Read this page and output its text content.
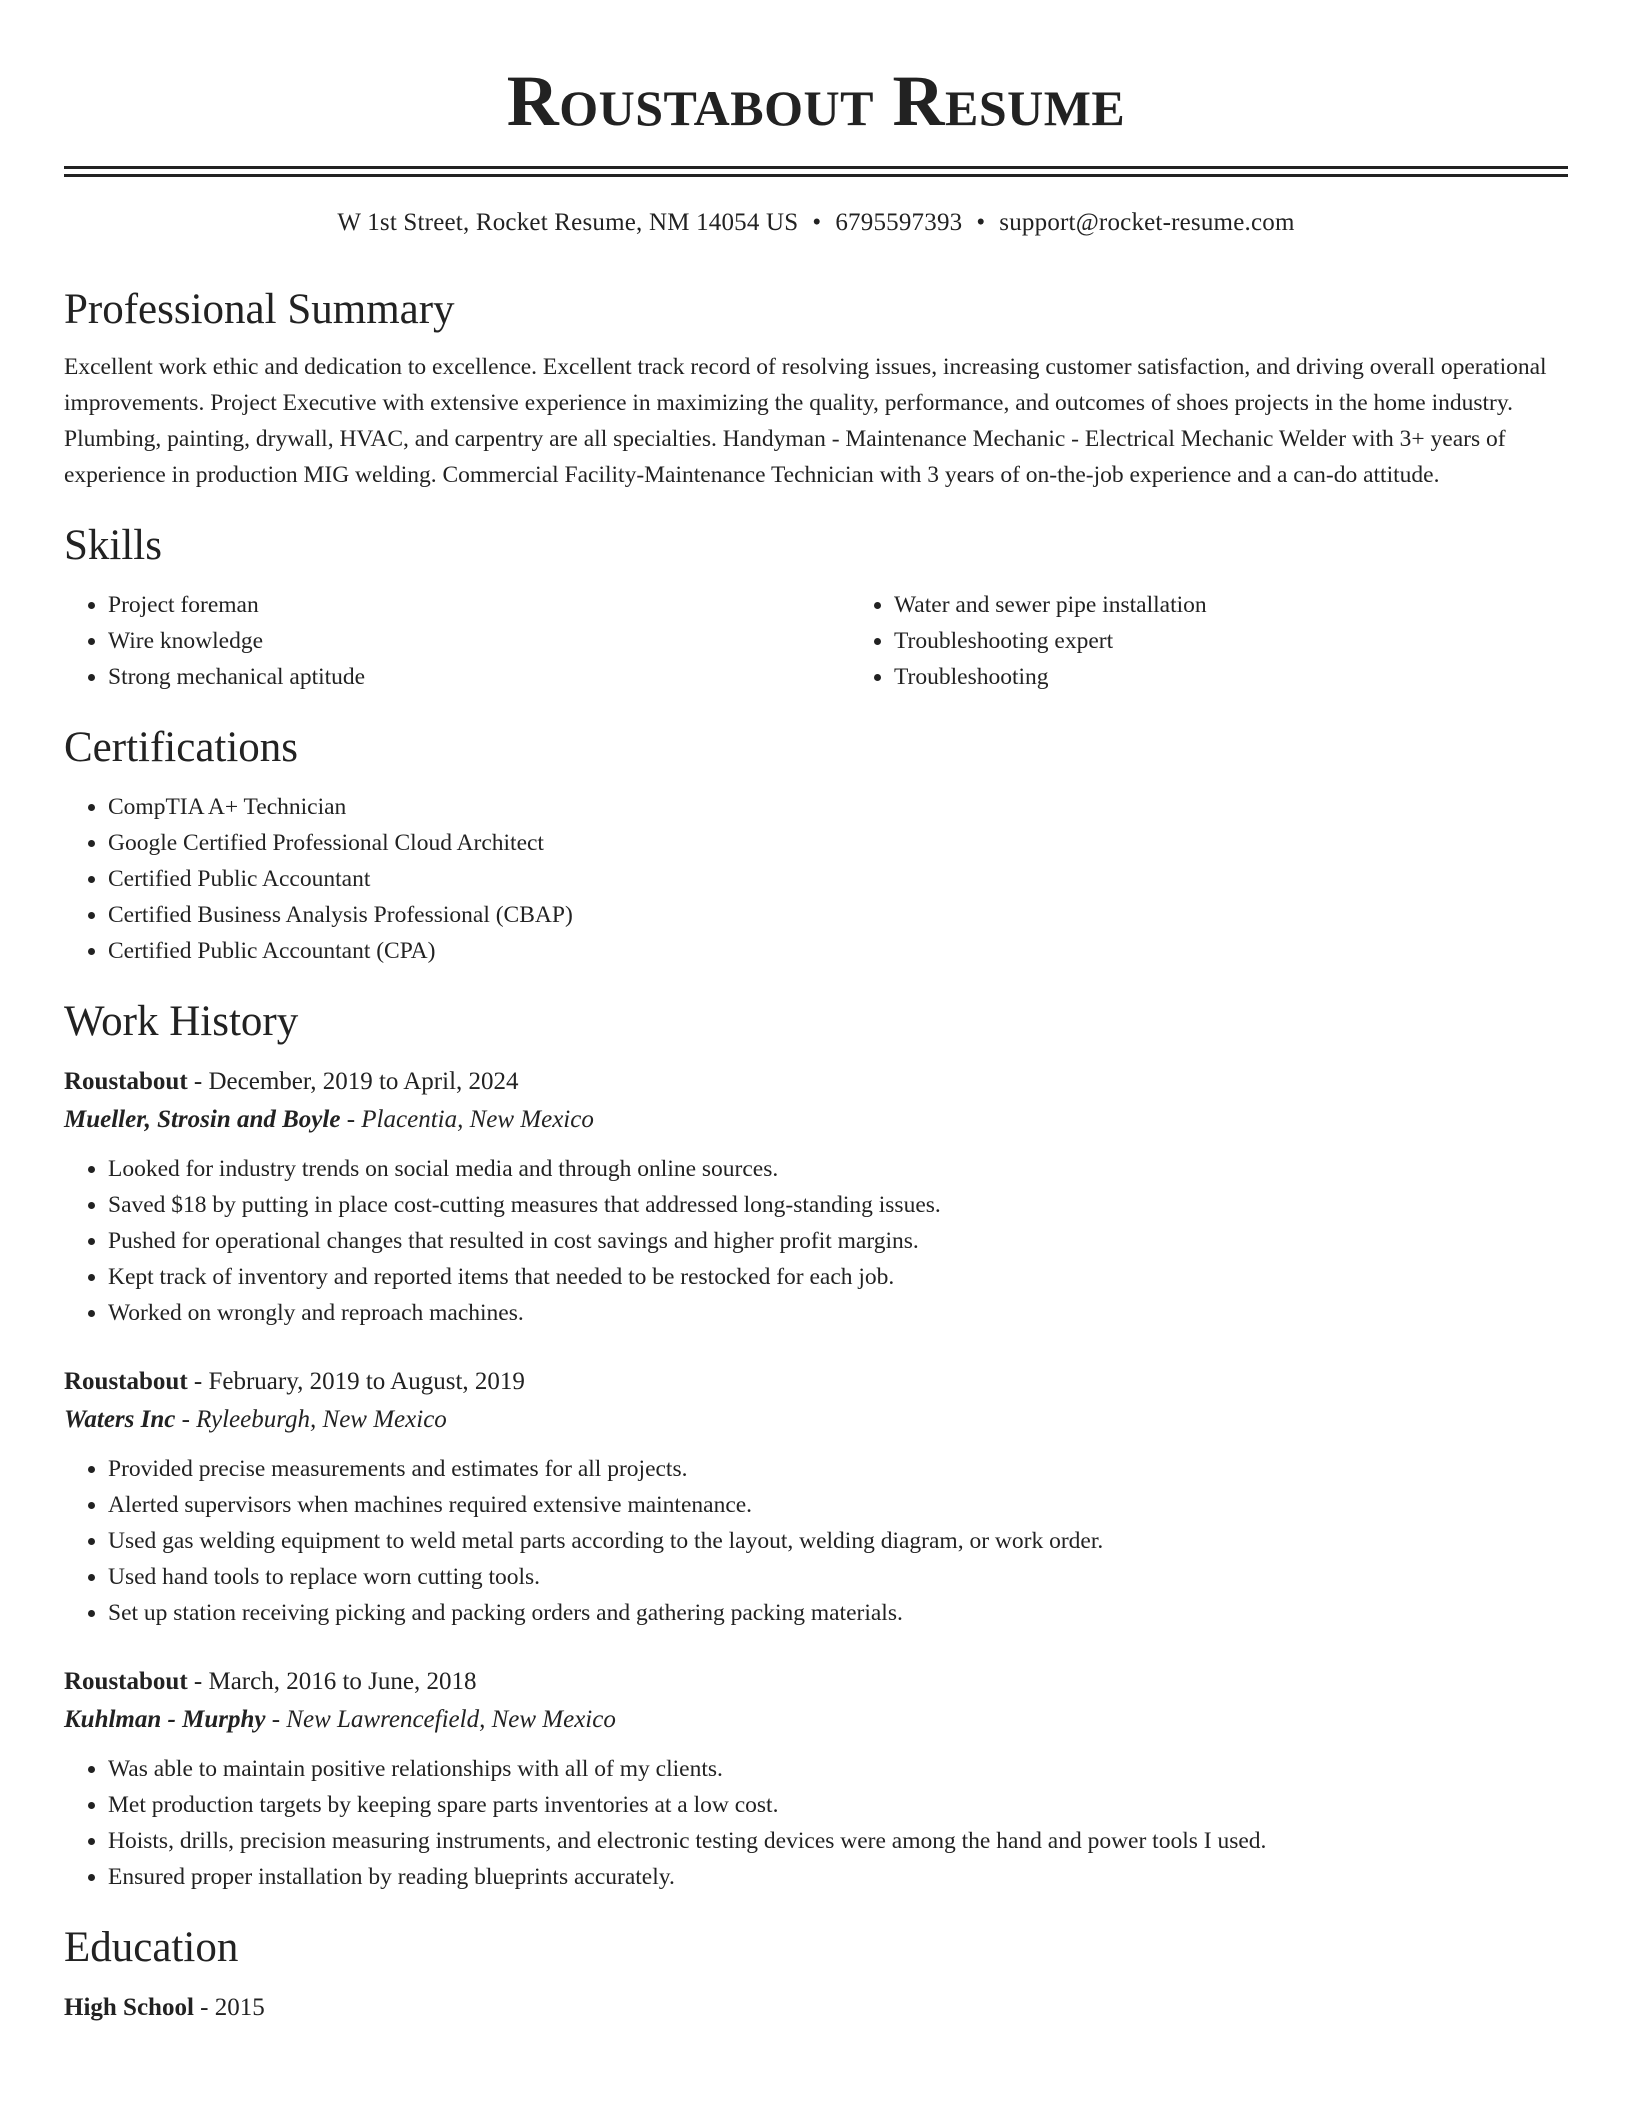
Roustabout Resume
W 1st Street, Rocket Resume, NM 14054 US • 6795597393 • support@rocket-resume.com
Professional Summary

Excellent work ethic and dedication to excellence. Excellent track record of resolving issues, increasing customer satisfaction, and driving overall operational improvements. Project Executive with extensive experience in maximizing the quality, performance, and outcomes of shoes projects in the home industry. Plumbing, painting, drywall, HVAC, and carpentry are all specialties. Handyman - Maintenance Mechanic - Electrical Mechanic Welder with 3+ years of experience in production MIG welding. Commercial Facility-Maintenance Technician with 3 years of on-the-job experience and a can-do attitude.

Skills
• Project foreman
• Wire knowledge
• Strong mechanical aptitude
• Water and sewer pipe installation
• Troubleshooting expert
• Troubleshooting
Certifications
• CompTIA A+ Technician
• Google Certified Professional Cloud Architect
• Certified Public Accountant
• Certified Business Analysis Professional (CBAP)
• Certified Public Accountant (CPA)
Work History
Roustabout - December, 2019 to April, 2024
Mueller, Strosin and Boyle - Placentia, New Mexico
• Looked for industry trends on social media and through online sources.
• Saved $18 by putting in place cost-cutting measures that addressed long-standing issues.
• Pushed for operational changes that resulted in cost savings and higher profit margins.
• Kept track of inventory and reported items that needed to be restocked for each job.
• Worked on wrongly and reproach machines.
Roustabout - February, 2019 to August, 2019
Waters Inc - Ryleeburgh, New Mexico
• Provided precise measurements and estimates for all projects.
• Alerted supervisors when machines required extensive maintenance.
• Used gas welding equipment to weld metal parts according to the layout, welding diagram, or work order.
• Used hand tools to replace worn cutting tools.
• Set up station receiving picking and packing orders and gathering packing materials.
Roustabout - March, 2016 to June, 2018
Kuhlman - Murphy - New Lawrencefield, New Mexico
• Was able to maintain positive relationships with all of my clients.
• Met production targets by keeping spare parts inventories at a low cost.
• Hoists, drills, precision measuring instruments, and electronic testing devices were among the hand and power tools I used.
• Ensured proper installation by reading blueprints accurately.
Education
High School - 2015
